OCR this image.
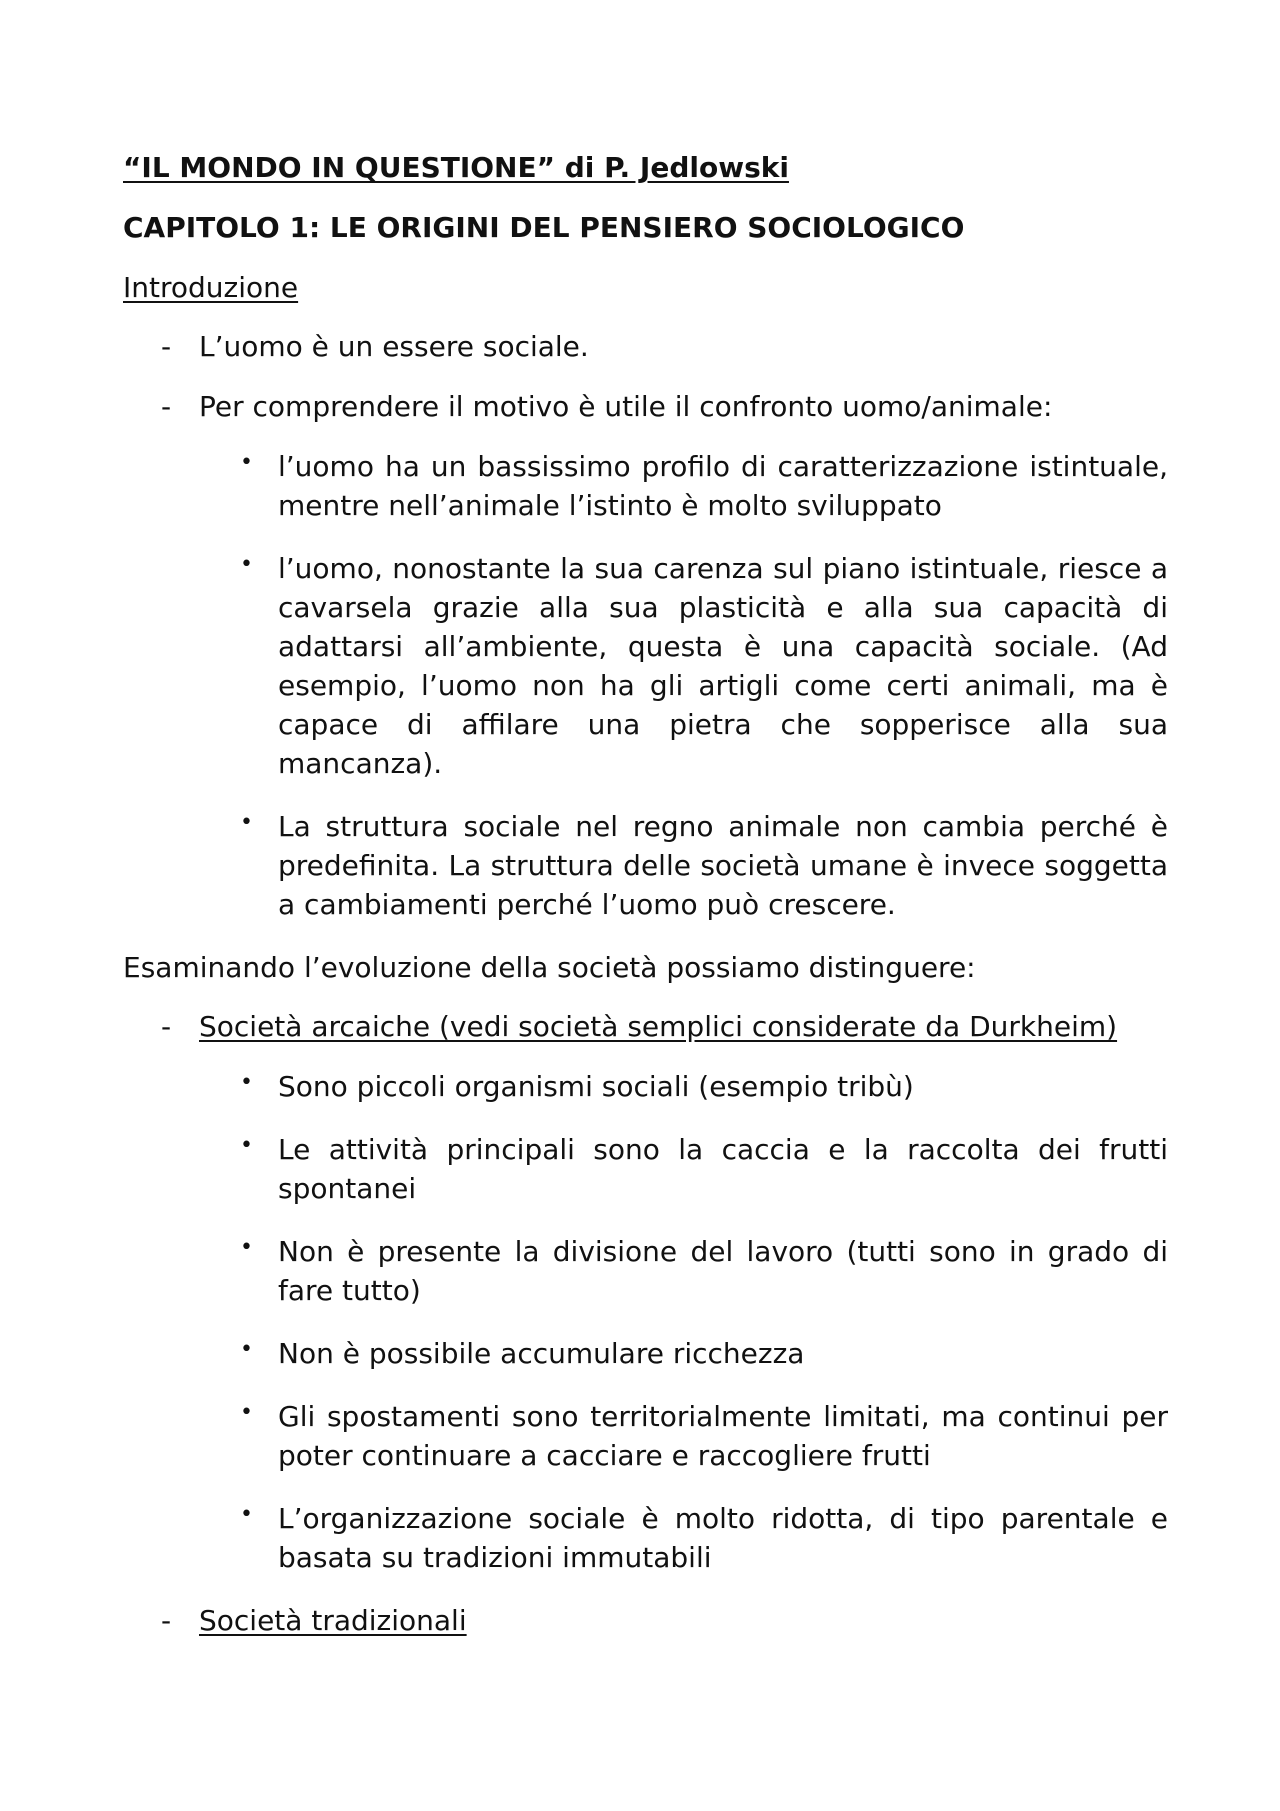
“IL MONDO IN QUESTIONE” di P. Jedlowski
CAPITOLO 1: LE ORIGINI DEL PENSIERO SOCIOLOGICO
Introduzione
- L’uomo è un essere sociale.
- Per comprendere il motivo è utile il confronto uomo/animale:
• l’uomo ha un bassissimo profilo di caratterizzazione istintuale, mentre nell’animale l’istinto è molto sviluppato
• l’uomo, nonostante la sua carenza sul piano istintuale, riesce a cavarsela grazie alla sua plasticità e alla sua capacità di adattarsi all’ambiente, questa è una capacità sociale. (Ad esempio, l’uomo non ha gli artigli come certi animali, ma è capace di affilare una pietra che sopperisce alla sua mancanza).
• La struttura sociale nel regno animale non cambia perché è predefinita. La struttura delle società umane è invece soggetta a cambiamenti perché l’uomo può crescere.
Esaminando l’evoluzione della società possiamo distinguere:
- Società arcaiche (vedi società semplici considerate da Durkheim)
• Sono piccoli organismi sociali (esempio tribù)
• Le attività principali sono la caccia e la raccolta dei frutti spontanei
• Non è presente la divisione del lavoro (tutti sono in grado di fare tutto)
• Non è possibile accumulare ricchezza
• Gli spostamenti sono territorialmente limitati, ma continui per poter continuare a cacciare e raccogliere frutti
• L’organizzazione sociale è molto ridotta, di tipo parentale e basata su tradizioni immutabili
- Società tradizionali
